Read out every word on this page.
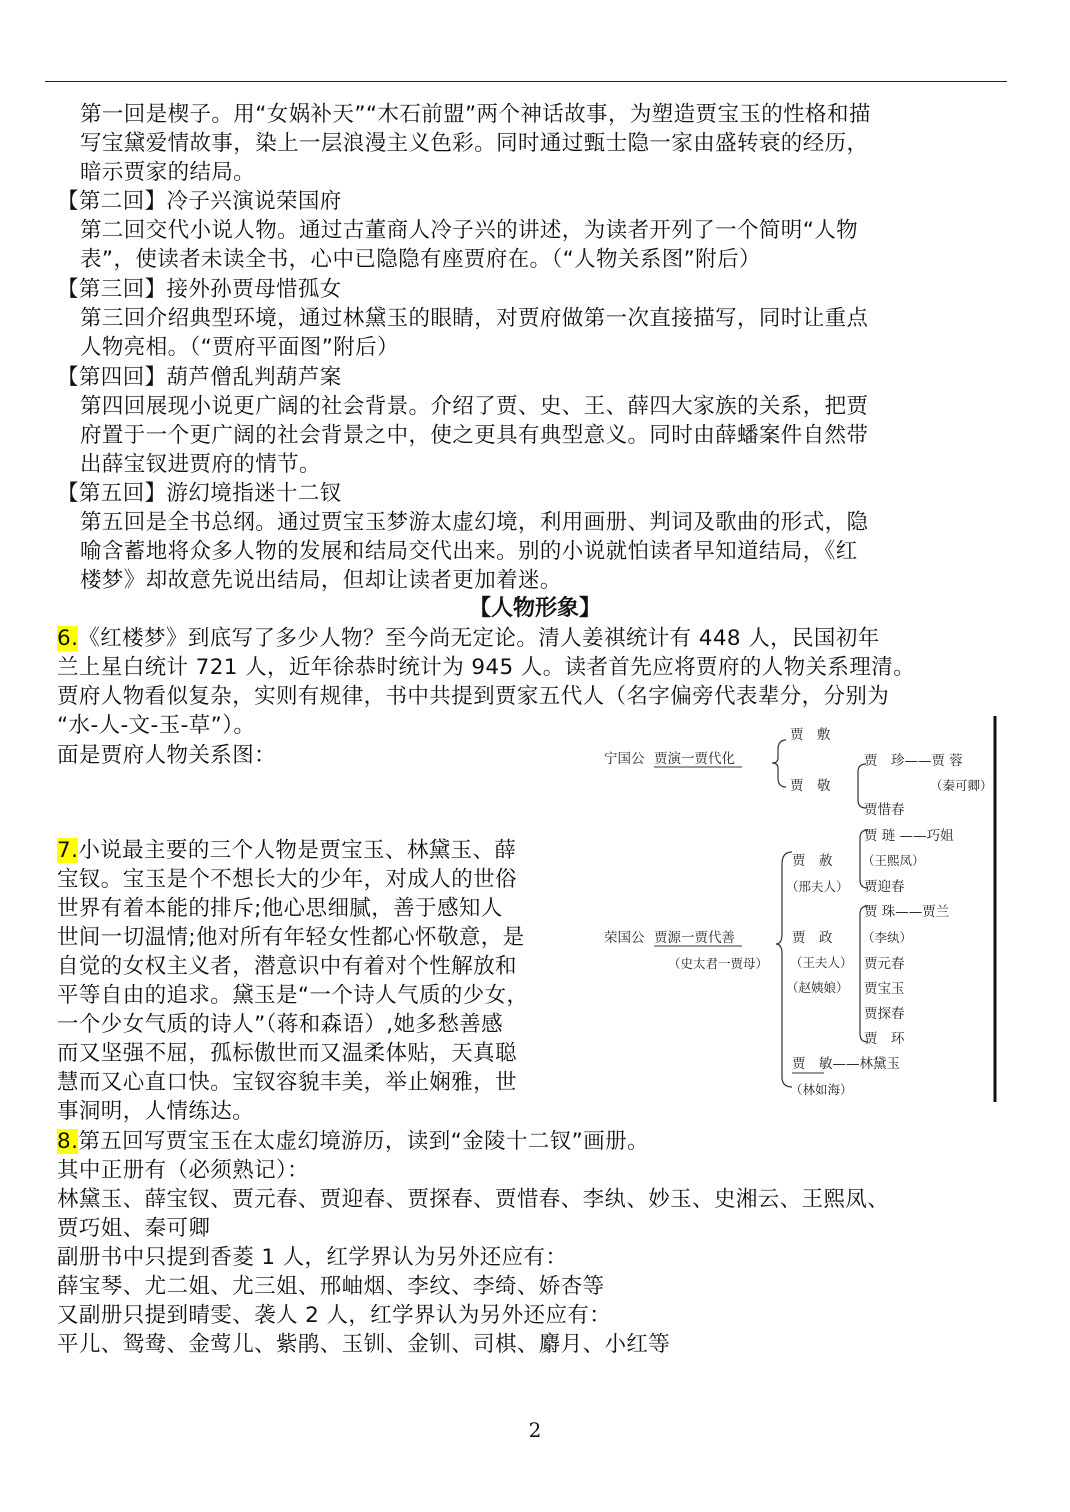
第一回是楔子。用“女娲补天”“木石前盟”两个神话故事，为塑造贾宝玉的性格和描
写宝黛爱情故事，染上一层浪漫主义色彩。同时通过甄士隐一家由盛转衰的经历，
暗示贾家的结局。
【第二回】冷子兴演说荣国府
第二回交代小说人物。通过古董商人冷子兴的讲述，为读者开列了一个简明“人物
表”，使读者未读全书，心中已隐隐有座贾府在。（“人物关系图”附后）
【第三回】接外孙贾母惜孤女
第三回介绍典型环境，通过林黛玉的眼睛，对贾府做第一次直接描写，同时让重点
人物亮相。（“贾府平面图”附后）
【第四回】葫芦僧乱判葫芦案
第四回展现小说更广阔的社会背景。介绍了贾、史、王、薛四大家族的关系，把贾
府置于一个更广阔的社会背景之中，使之更具有典型意义。同时由薛蟠案件自然带
出薛宝钗进贾府的情节。
【第五回】游幻境指迷十二钗
第五回是全书总纲。通过贾宝玉梦游太虚幻境，利用画册、判词及歌曲的形式，隐
喻含蓄地将众多人物的发展和结局交代出来。别的小说就怕读者早知道结局，《红
楼梦》却故意先说出结局，但却让读者更加着迷。
【人物形象】
6.《红楼梦》到底写了多少人物？至今尚无定论。清人姜祺统计有 448 人，民国初年
兰上星白统计 721 人，近年徐恭时统计为 945 人。读者首先应将贾府的人物关系理清。
贾府人物看似复杂，实则有规律，书中共提到贾家五代人（名字偏旁代表辈分，分别为
“水-人-文-玉-草”）。
面是贾府人物关系图：
7.小说最主要的三个人物是贾宝玉、林黛玉、薛
宝钗。宝玉是个不想长大的少年，对成人的世俗
世界有着本能的排斥;他心思细腻，善于感知人
世间一切温情;他对所有年轻女性都心怀敬意，是
自觉的女权主义者，潜意识中有着对个性解放和
平等自由的追求。黛玉是“一个诗人气质的少女，
一个少女气质的诗人”（蒋和森语）,她多愁善感
而又坚强不屈，孤标傲世而又温柔体贴，天真聪
慧而又心直口快。宝钗容貌丰美，举止娴雅，世
事洞明，人情练达。
8.第五回写贾宝玉在太虚幻境游历，读到“金陵十二钗”画册。
其中正册有（必须熟记）：
林黛玉、薛宝钗、贾元春、贾迎春、贾探春、贾惜春、李纨、妙玉、史湘云、王熙凤、
贾巧姐、秦可卿
副册书中只提到香菱 1 人，红学界认为另外还应有：
薛宝琴、尤二姐、尤三姐、邢岫烟、李纹、李绮、娇杏等
又副册只提到晴雯、袭人 2 人，红学界认为另外还应有：
平儿、鸳鸯、金莺儿、紫鹃、玉钏、金钏、司棋、麝月、小红等
宁国公 贾演一贾代化
贾　敷
贾　敬
贾　珍——贾 蓉
（秦可卿）
贾惜春
荣国公 贾源一贾代善
（史太君一贾母）
贾　赦
（邢夫人）
贾 琏 ——巧姐
（王熙凤）
贾迎春
贾　政
（王夫人）
（赵姨娘）
贾 珠——贾兰
（李纨）
贾元春
贾宝玉
贾探春
贾　环
贾　敏——林黛玉
（林如海）
2
